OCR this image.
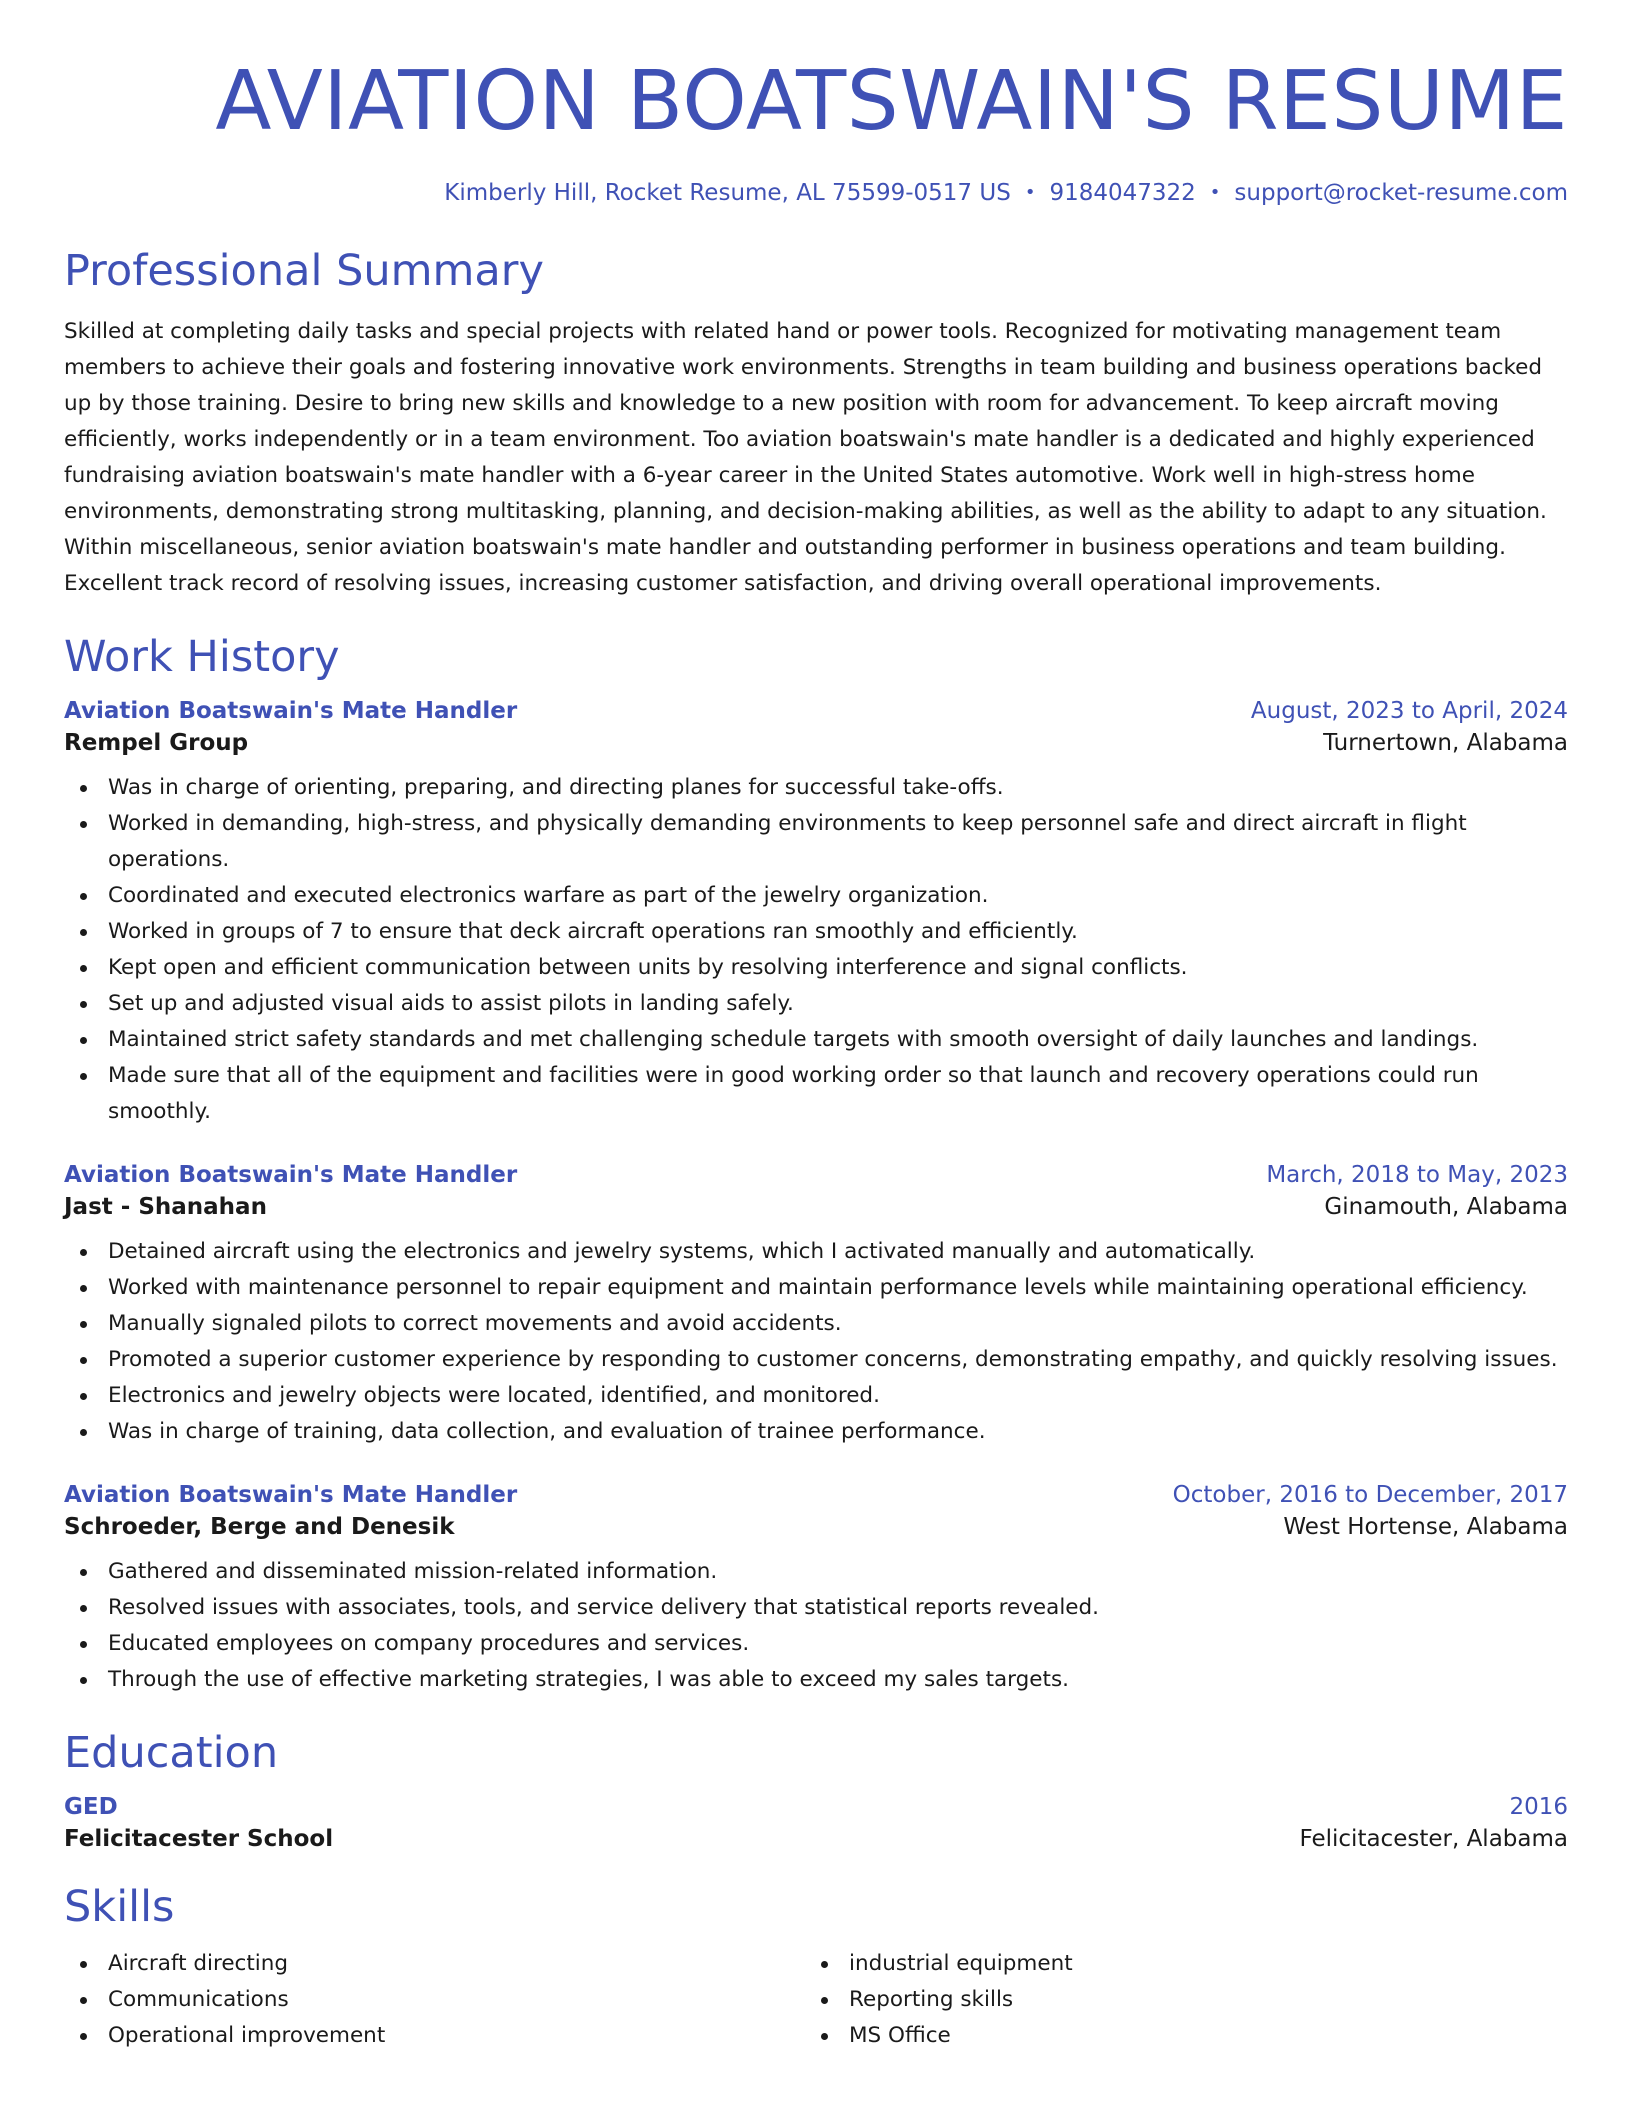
AVIATION BOATSWAIN'S RESUME
Kimberly Hill, Rocket Resume, AL 75599-0517 US • 9184047322 • support@rocket-resume.com
Professional Summary

Skilled at completing daily tasks and special projects with related hand or power tools. Recognized for motivating management team members to achieve their goals and fostering innovative work environments. Strengths in team building and business operations backed up by those training. Desire to bring new skills and knowledge to a new position with room for advancement. To keep aircraft moving efficiently, works independently or in a team environment. Too aviation boatswain's mate handler is a dedicated and highly experienced fundraising aviation boatswain's mate handler with a 6-year career in the United States automotive. Work well in high-stress home environments, demonstrating strong multitasking, planning, and decision-making abilities, as well as the ability to adapt to any situation. Within miscellaneous, senior aviation boatswain's mate handler and outstanding performer in business operations and team building. Excellent track record of resolving issues, increasing customer satisfaction, and driving overall operational improvements.

Work History
Aviation Boatswain's Mate Handler	August, 2023 to April, 2024
Rempel Group	Turnertown, Alabama
Was in charge of orienting, preparing, and directing planes for successful take-offs.
Worked in demanding, high-stress, and physically demanding environments to keep personnel safe and direct aircraft in flight operations.
Coordinated and executed electronics warfare as part of the jewelry organization.
Worked in groups of 7 to ensure that deck aircraft operations ran smoothly and efficiently.
Kept open and efficient communication between units by resolving interference and signal conflicts.
Set up and adjusted visual aids to assist pilots in landing safely.
Maintained strict safety standards and met challenging schedule targets with smooth oversight of daily launches and landings.
Made sure that all of the equipment and facilities were in good working order so that launch and recovery operations could run smoothly.
Aviation Boatswain's Mate Handler	March, 2018 to May, 2023
Jast - Shanahan	Ginamouth, Alabama
Detained aircraft using the electronics and jewelry systems, which I activated manually and automatically.
Worked with maintenance personnel to repair equipment and maintain performance levels while maintaining operational efficiency.
Manually signaled pilots to correct movements and avoid accidents.
Promoted a superior customer experience by responding to customer concerns, demonstrating empathy, and quickly resolving issues.
Electronics and jewelry objects were located, identified, and monitored.
Was in charge of training, data collection, and evaluation of trainee performance.
Aviation Boatswain's Mate Handler	October, 2016 to December, 2017
Schroeder, Berge and Denesik	West Hortense, Alabama
Gathered and disseminated mission-related information.
Resolved issues with associates, tools, and service delivery that statistical reports revealed.
Educated employees on company procedures and services.
Through the use of effective marketing strategies, I was able to exceed my sales targets.
Education
GED	2016
Felicitacester School	Felicitacester, Alabama
Skills
Aircraft directing
Communications
Operational improvement
industrial equipment
Reporting skills
MS Office
